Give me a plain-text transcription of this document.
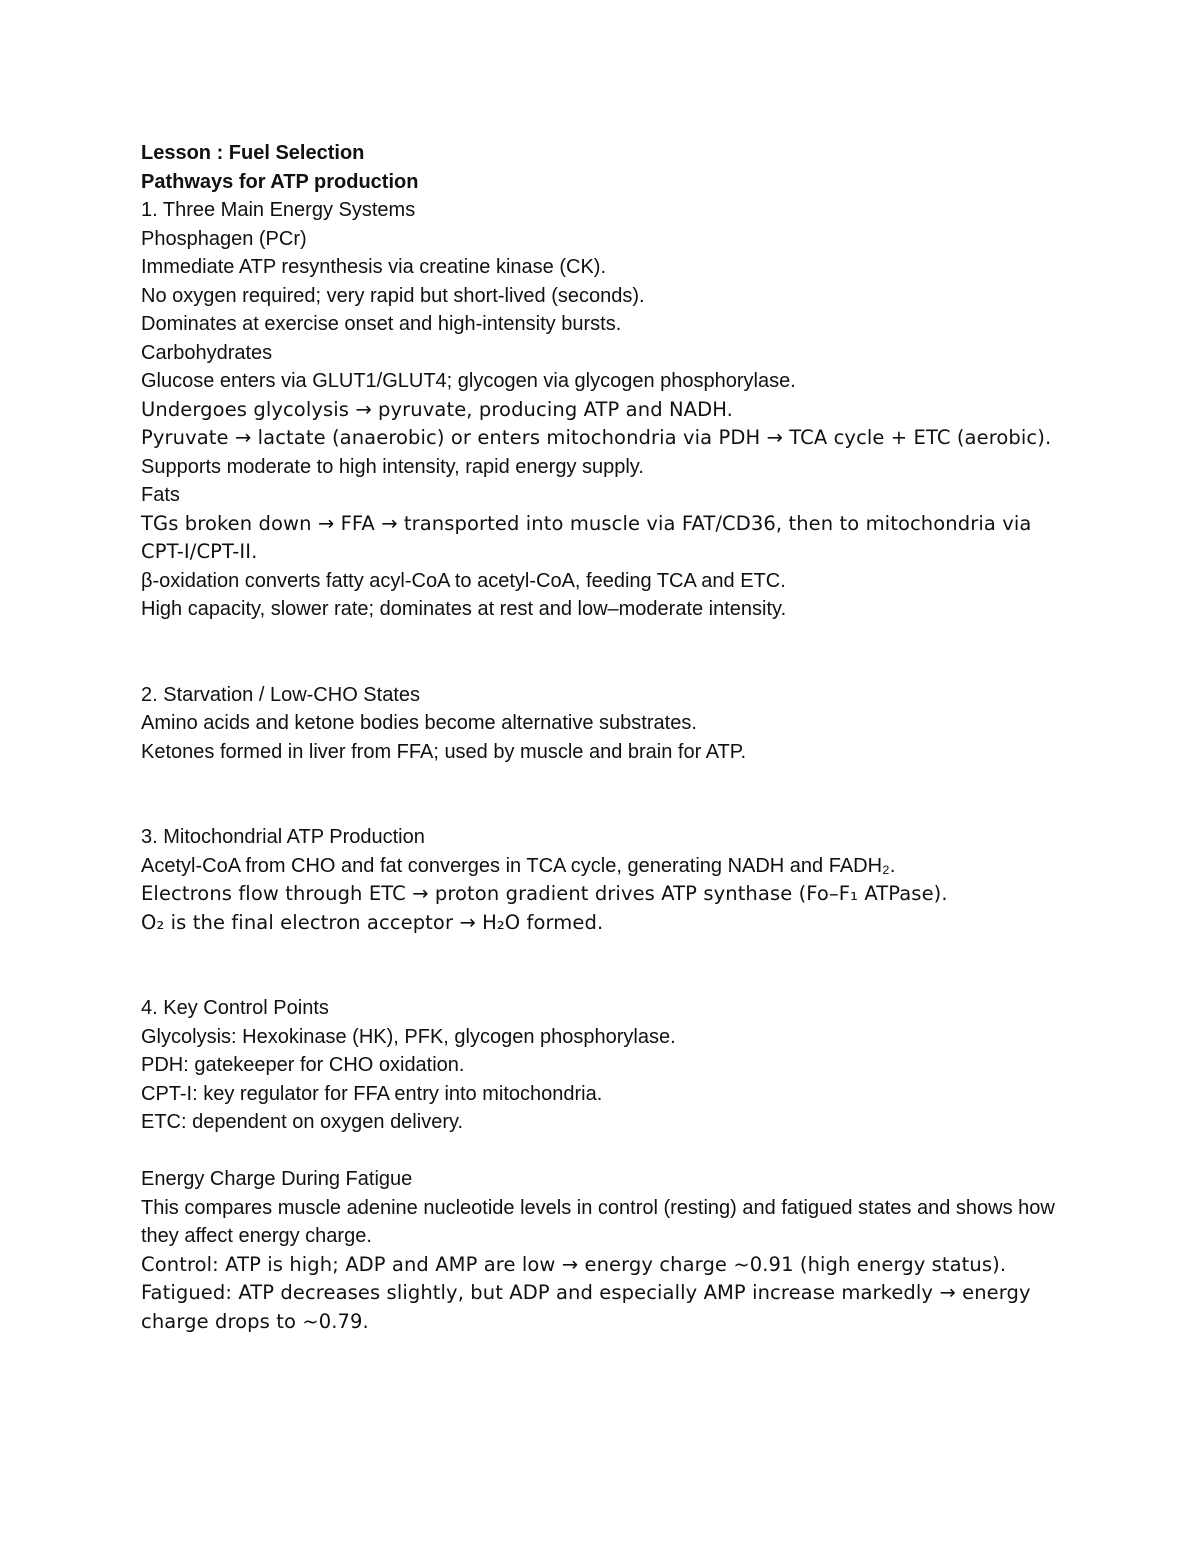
Lesson : Fuel Selection
Pathways for ATP production
1. Three Main Energy Systems
Phosphagen (PCr)
Immediate ATP resynthesis via creatine kinase (CK).
No oxygen required; very rapid but short-lived (seconds).
Dominates at exercise onset and high-intensity bursts.
Carbohydrates
Glucose enters via GLUT1/GLUT4; glycogen via glycogen phosphorylase.
Undergoes glycolysis → pyruvate, producing ATP and NADH.
Pyruvate → lactate (anaerobic) or enters mitochondria via PDH → TCA cycle + ETC (aerobic).
Supports moderate to high intensity, rapid energy supply.
Fats
TGs broken down → FFA → transported into muscle via FAT/CD36, then to mitochondria via CPT-I/CPT-II.
β-oxidation converts fatty acyl-CoA to acetyl-CoA, feeding TCA and ETC.
High capacity, slower rate; dominates at rest and low–moderate intensity.
2. Starvation / Low-CHO States
Amino acids and ketone bodies become alternative substrates.
Ketones formed in liver from FFA; used by muscle and brain for ATP.
3. Mitochondrial ATP Production
Acetyl-CoA from CHO and fat converges in TCA cycle, generating NADH and FADH₂.
Electrons flow through ETC → proton gradient drives ATP synthase (Fo–F₁ ATPase).
O₂ is the final electron acceptor → H₂O formed.
4. Key Control Points
Glycolysis: Hexokinase (HK), PFK, glycogen phosphorylase.
PDH: gatekeeper for CHO oxidation.
CPT-I: key regulator for FFA entry into mitochondria.
ETC: dependent on oxygen delivery.
Energy Charge During Fatigue
This compares muscle adenine nucleotide levels in control (resting) and fatigued states and shows how they affect energy charge.
Control: ATP is high; ADP and AMP are low → energy charge ~0.91 (high energy status).
Fatigued: ATP decreases slightly, but ADP and especially AMP increase markedly → energy charge drops to ~0.79.
